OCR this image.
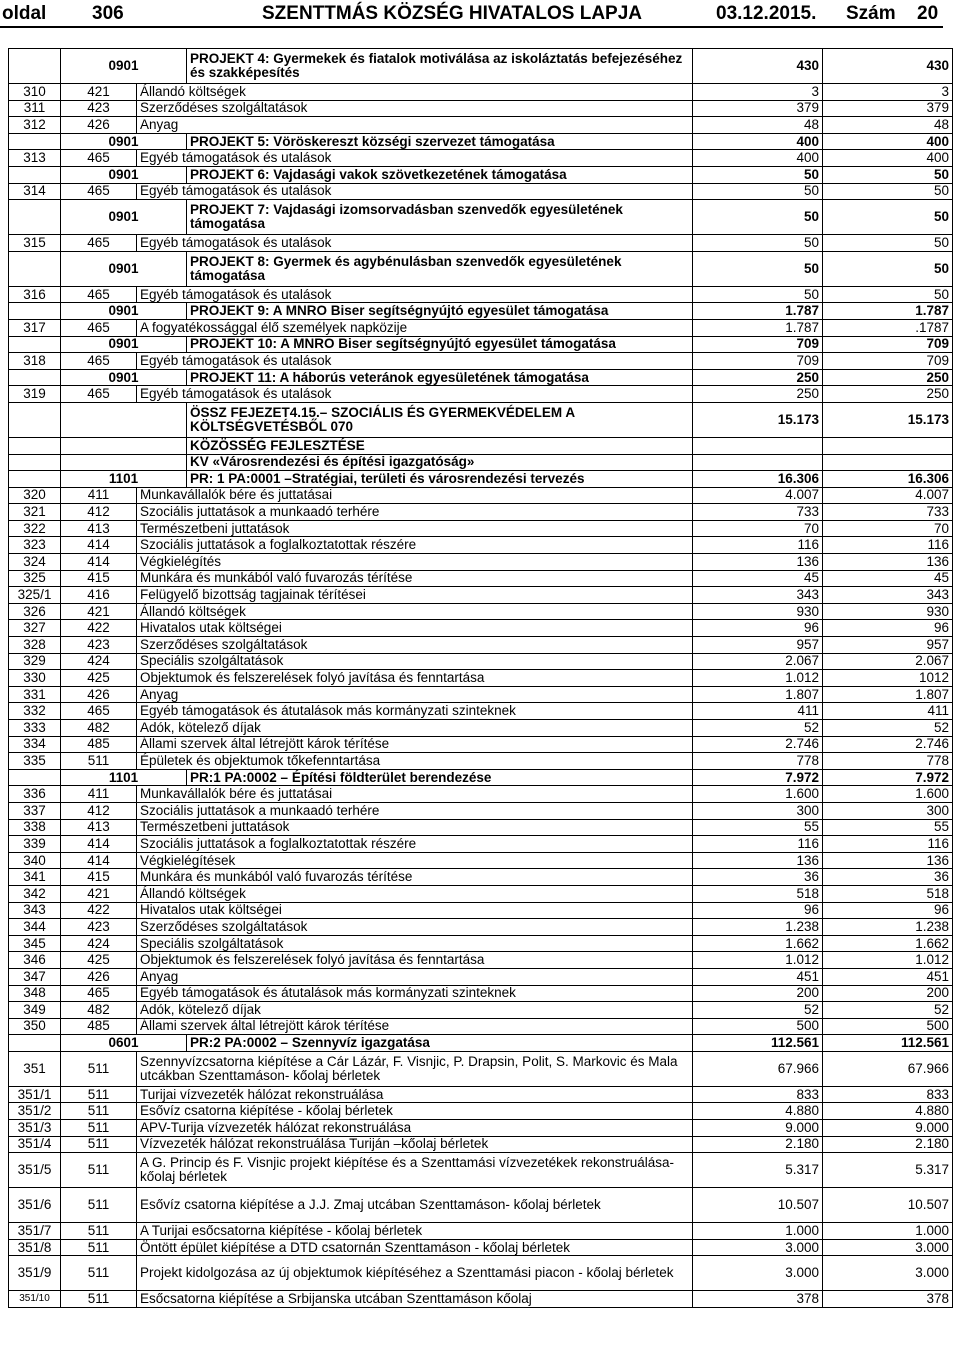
oldal 306	SZENTTMÁS KÖZSÉG HIVATALOS LAPJA	03.12.2015. Szám 20
	0901		PROJEKT 4: Gyermekek és fiatalok motiválása az iskoláztatás befejezéséhez és szakképesítés	430	430
310	421	Állandó költségek		3	3
311	423	Szerződéses szolgáltatások		379	379
312	426	Anyag		48	48
	0901		PROJEKT 5: Vöröskereszt községi szervezet támogatása	400	400
313	465	Egyéb támogatások és utalások		400	400
	0901		PROJEKT 6: Vajdasági vakok szövetkezetének támogatása	50	50
314	465	Egyéb támogatások és utalások		50	50
	0901		PROJEKT 7: Vajdasági izomsorvadásban szenvedők egyesületének támogatása	50	50
315	465	Egyéb támogatások és utalások		50	50
	0901		PROJEKT 8: Gyermek és agybénulásban szenvedők egyesületének támogatása	50	50
316	465	Egyéb támogatások és utalások		50	50
	0901		PROJEKT 9: A MNRO Biser segítségnyújtó egyesület támogatása	1.787	1.787
317	465	A fogyatékossággal élő személyek napközije		1.787	.1787
	0901		PROJEKT 10: A MNRO Biser segítségnyújtó egyesület támogatása	709	709
318	465	Egyéb támogatások és utalások		709	709
	0901		PROJEKT 11: A háborús veteránok egyesületének támogatása	250	250
319	465	Egyéb támogatások és utalások		250	250
			ÖSSZ FEJEZET4.15.– SZOCIÁLIS ÉS GYERMEKVÉDELEM A KÖLTSÉGVETÉSBŐL 070	15.173	15.173
			KÖZÖSSÉG FEJLESZTÉSE		
			KV «Városrendezési és építési igazgatóság»		
	1101		PR: 1 PA:0001 –Stratégiai, területi és városrendezési tervezés	16.306	16.306
320	411	Munkavállalók bére és juttatásai		4.007	4.007
321	412	Szociális juttatások a munkaadó terhére		733	733
322	413	Természetbeni juttatások		70	70
323	414	Szociális juttatások a foglalkoztatottak részére		116	116
324	414	Végkielégítés		136	136
325	415	Munkára és munkából való fuvarozás térítése		45	45
325/1	416	Felügyelő bizottság tagjainak térítései		343	343
326	421	Állandó költségek		930	930
327	422	Hivatalos utak költségei		96	96
328	423	Szerződéses szolgáltatások		957	957
329	424	Speciális szolgáltatások		2.067	2.067
330	425	Objektumok és felszerelések folyó javítása és fenntartása		1.012	1012
331	426	Anyag		1.807	1.807
332	465	Egyéb támogatások és átutalások más kormányzati szinteknek		411	411
333	482	Adók, kötelező díjak		52	52
334	485	Állami szervek által létrejött károk térítése		2.746	2.746
335	511	Épületek és objektumok tőkefenntartása		778	778
	1101		PR:1 PA:0002 – Építési földterület berendezése	7.972	7.972
336	411	Munkavállalók bére és juttatásai		1.600	1.600
337	412	Szociális juttatások a munkaadó terhére		300	300
338	413	Természetbeni juttatások		55	55
339	414	Szociális juttatások a foglalkoztatottak részére		116	116
340	414	Végkielégítések		136	136
341	415	Munkára és munkából való fuvarozás térítése		36	36
342	421	Állandó költségek		518	518
343	422	Hivatalos utak költségei		96	96
344	423	Szerződéses szolgáltatások		1.238	1.238
345	424	Speciális szolgáltatások		1.662	1.662
346	425	Objektumok és felszerelések folyó javítása és fenntartása		1.012	1.012
347	426	Anyag		451	451
348	465	Egyéb támogatások és átutalások más kormányzati szinteknek		200	200
349	482	Adók, kötelező díjak		52	52
350	485	Állami szervek által létrejött károk térítése		500	500
	0601		PR:2 PA:0002 – Szennyvíz igazgatása	112.561	112.561
351	511	Szennyvízcsatorna kiépítése a Cár Lázár, F. Visnjic, P. Drapsin, Polit, S. Markovic és Mala utcákban Szenttamáson- kőolaj bérletek		67.966	67.966
351/1	511	Turijai vízvezeték hálózat rekonstruálása		833	833
351/2	511	Esővíz csatorna kiépítése - kőolaj bérletek		4.880	4.880
351/3	511	APV-Turija vízvezeték hálózat rekonstruálása		9.000	9.000
351/4	511	Vízvezeték hálózat rekonstruálása Turiján –kőolaj bérletek		2.180	2.180
351/5	511	A G. Princip és F. Visnjic projekt kiépítése és a Szenttamási vízvezetékek rekonstruálása- kőolaj bérletek		5.317	5.317
351/6	511	Esővíz csatorna kiépítése a J.J. Zmaj utcában Szenttamáson- kőolaj bérletek		10.507	10.507
351/7	511	A Turijai esőcsatorna kiépítése - kőolaj bérletek		1.000	1.000
351/8	511	Öntött épület kiépítése a DTD csatornán Szenttamáson - kőolaj bérletek		3.000	3.000
351/9	511	Projekt kidolgozása az új objektumok kiépítéséhez a Szenttamási piacon - kőolaj bérletek		3.000	3.000
351/10	511	Esőcsatorna kiépítése a Srbijanska utcában Szenttamáson kőolaj		378	378
